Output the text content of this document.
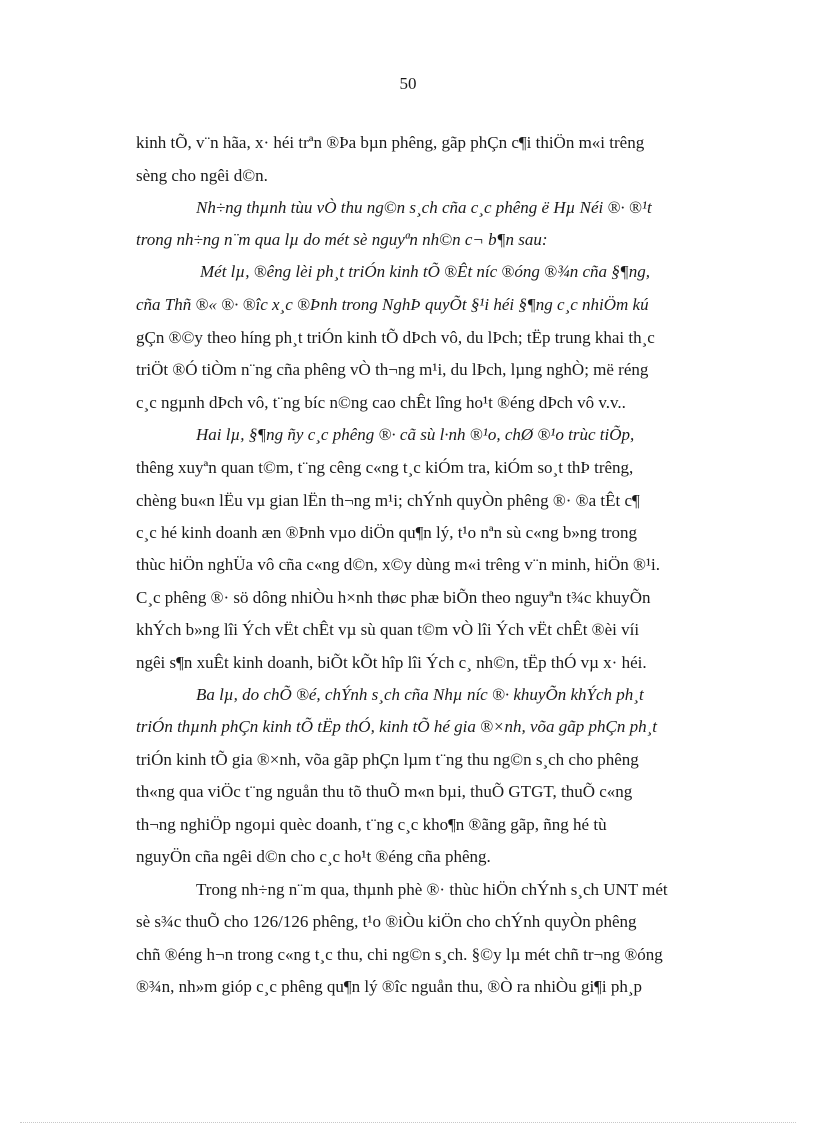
50
kinh tÕ, v¨n hãa, x· héi trªn ®Þa bµn phêng, gãp phÇn c¶i thiÖn m«i trêng
sèng cho ngêi d©n.
Nh÷ng thµnh tùu vÒ thu ng©n s¸ch cña c¸c phêng ë Hµ Néi ®· ®¹t
trong nh÷ng n¨m qua lµ do mét sè nguyªn nh©n c¬ b¶n sau:
Mét lµ, ®êng lèi ph¸t triÓn kinh tÕ ®Êt níc ®óng ®¾n cña §¶ng,
cña Thñ ®« ®· ®îc x¸c ®Þnh trong NghÞ quyÕt §¹i héi §¶ng c¸c nhiÖm kú
gÇn ®©y theo híng ph¸t triÓn kinh tÕ dÞch vô, du lÞch; tËp trung khai th¸c
triÖt ®Ó tiÒm n¨ng cña phêng vÒ th¬ng m¹i, du lÞch, lµng nghÒ; më réng
c¸c ngµnh dÞch vô, t¨ng bíc n©ng cao chÊt lîng ho¹t ®éng dÞch vô v.v..
Hai lµ, §¶ng ñy c¸c phêng ®· cã sù l·nh ®¹o, chØ ®¹o trùc tiÕp,
thêng xuyªn quan t©m, t¨ng cêng c«ng t¸c kiÓm tra, kiÓm so¸t thÞ trêng,
chèng bu«n lËu vµ gian lËn th¬ng m¹i; chÝnh quyÒn phêng ®· ®a tÊt c¶
c¸c hé kinh doanh æn ®Þnh vµo diÖn qu¶n lý, t¹o nªn sù c«ng b»ng trong
thùc hiÖn nghÜa vô cña c«ng d©n, x©y dùng m«i trêng v¨n minh, hiÖn ®¹i.
C¸c phêng ®· sö dông nhiÒu h×nh thøc phæ biÕn theo nguyªn t¾c khuyÕn
khÝch b»ng lîi Ých vËt chÊt vµ sù quan t©m vÒ lîi Ých vËt chÊt ®èi víi
ngêi s¶n xuÊt kinh doanh, biÕt kÕt hîp lîi Ých c¸ nh©n, tËp thÓ vµ x· héi.
Ba lµ, do chÕ ®é, chÝnh s¸ch cña Nhµ níc ®· khuyÕn khÝch ph¸t
triÓn thµnh phÇn kinh tÕ tËp thÓ, kinh tÕ hé gia ®×nh, võa gãp phÇn ph¸t
triÓn kinh tÕ gia ®×nh, võa gãp phÇn lµm t¨ng thu ng©n s¸ch cho phêng
th«ng qua viÖc t¨ng nguån thu tõ thuÕ m«n bµi, thuÕ GTGT, thuÕ c«ng
th¬ng nghiÖp ngoµi quèc doanh, t¨ng c¸c kho¶n ®ãng gãp, ñng hé tù
nguyÖn cña ngêi d©n cho c¸c ho¹t ®éng cña phêng.
Trong nh÷ng n¨m qua, thµnh phè ®· thùc hiÖn chÝnh s¸ch UNT mét
sè s¾c thuÕ cho 126/126 phêng, t¹o ®iÒu kiÖn cho chÝnh quyÒn phêng
chñ ®éng h¬n trong c«ng t¸c thu, chi ng©n s¸ch. §©y lµ mét chñ tr¬ng ®óng
®¾n, nh»m gióp c¸c phêng qu¶n lý ®îc nguån thu, ®Ò ra nhiÒu gi¶i ph¸p
